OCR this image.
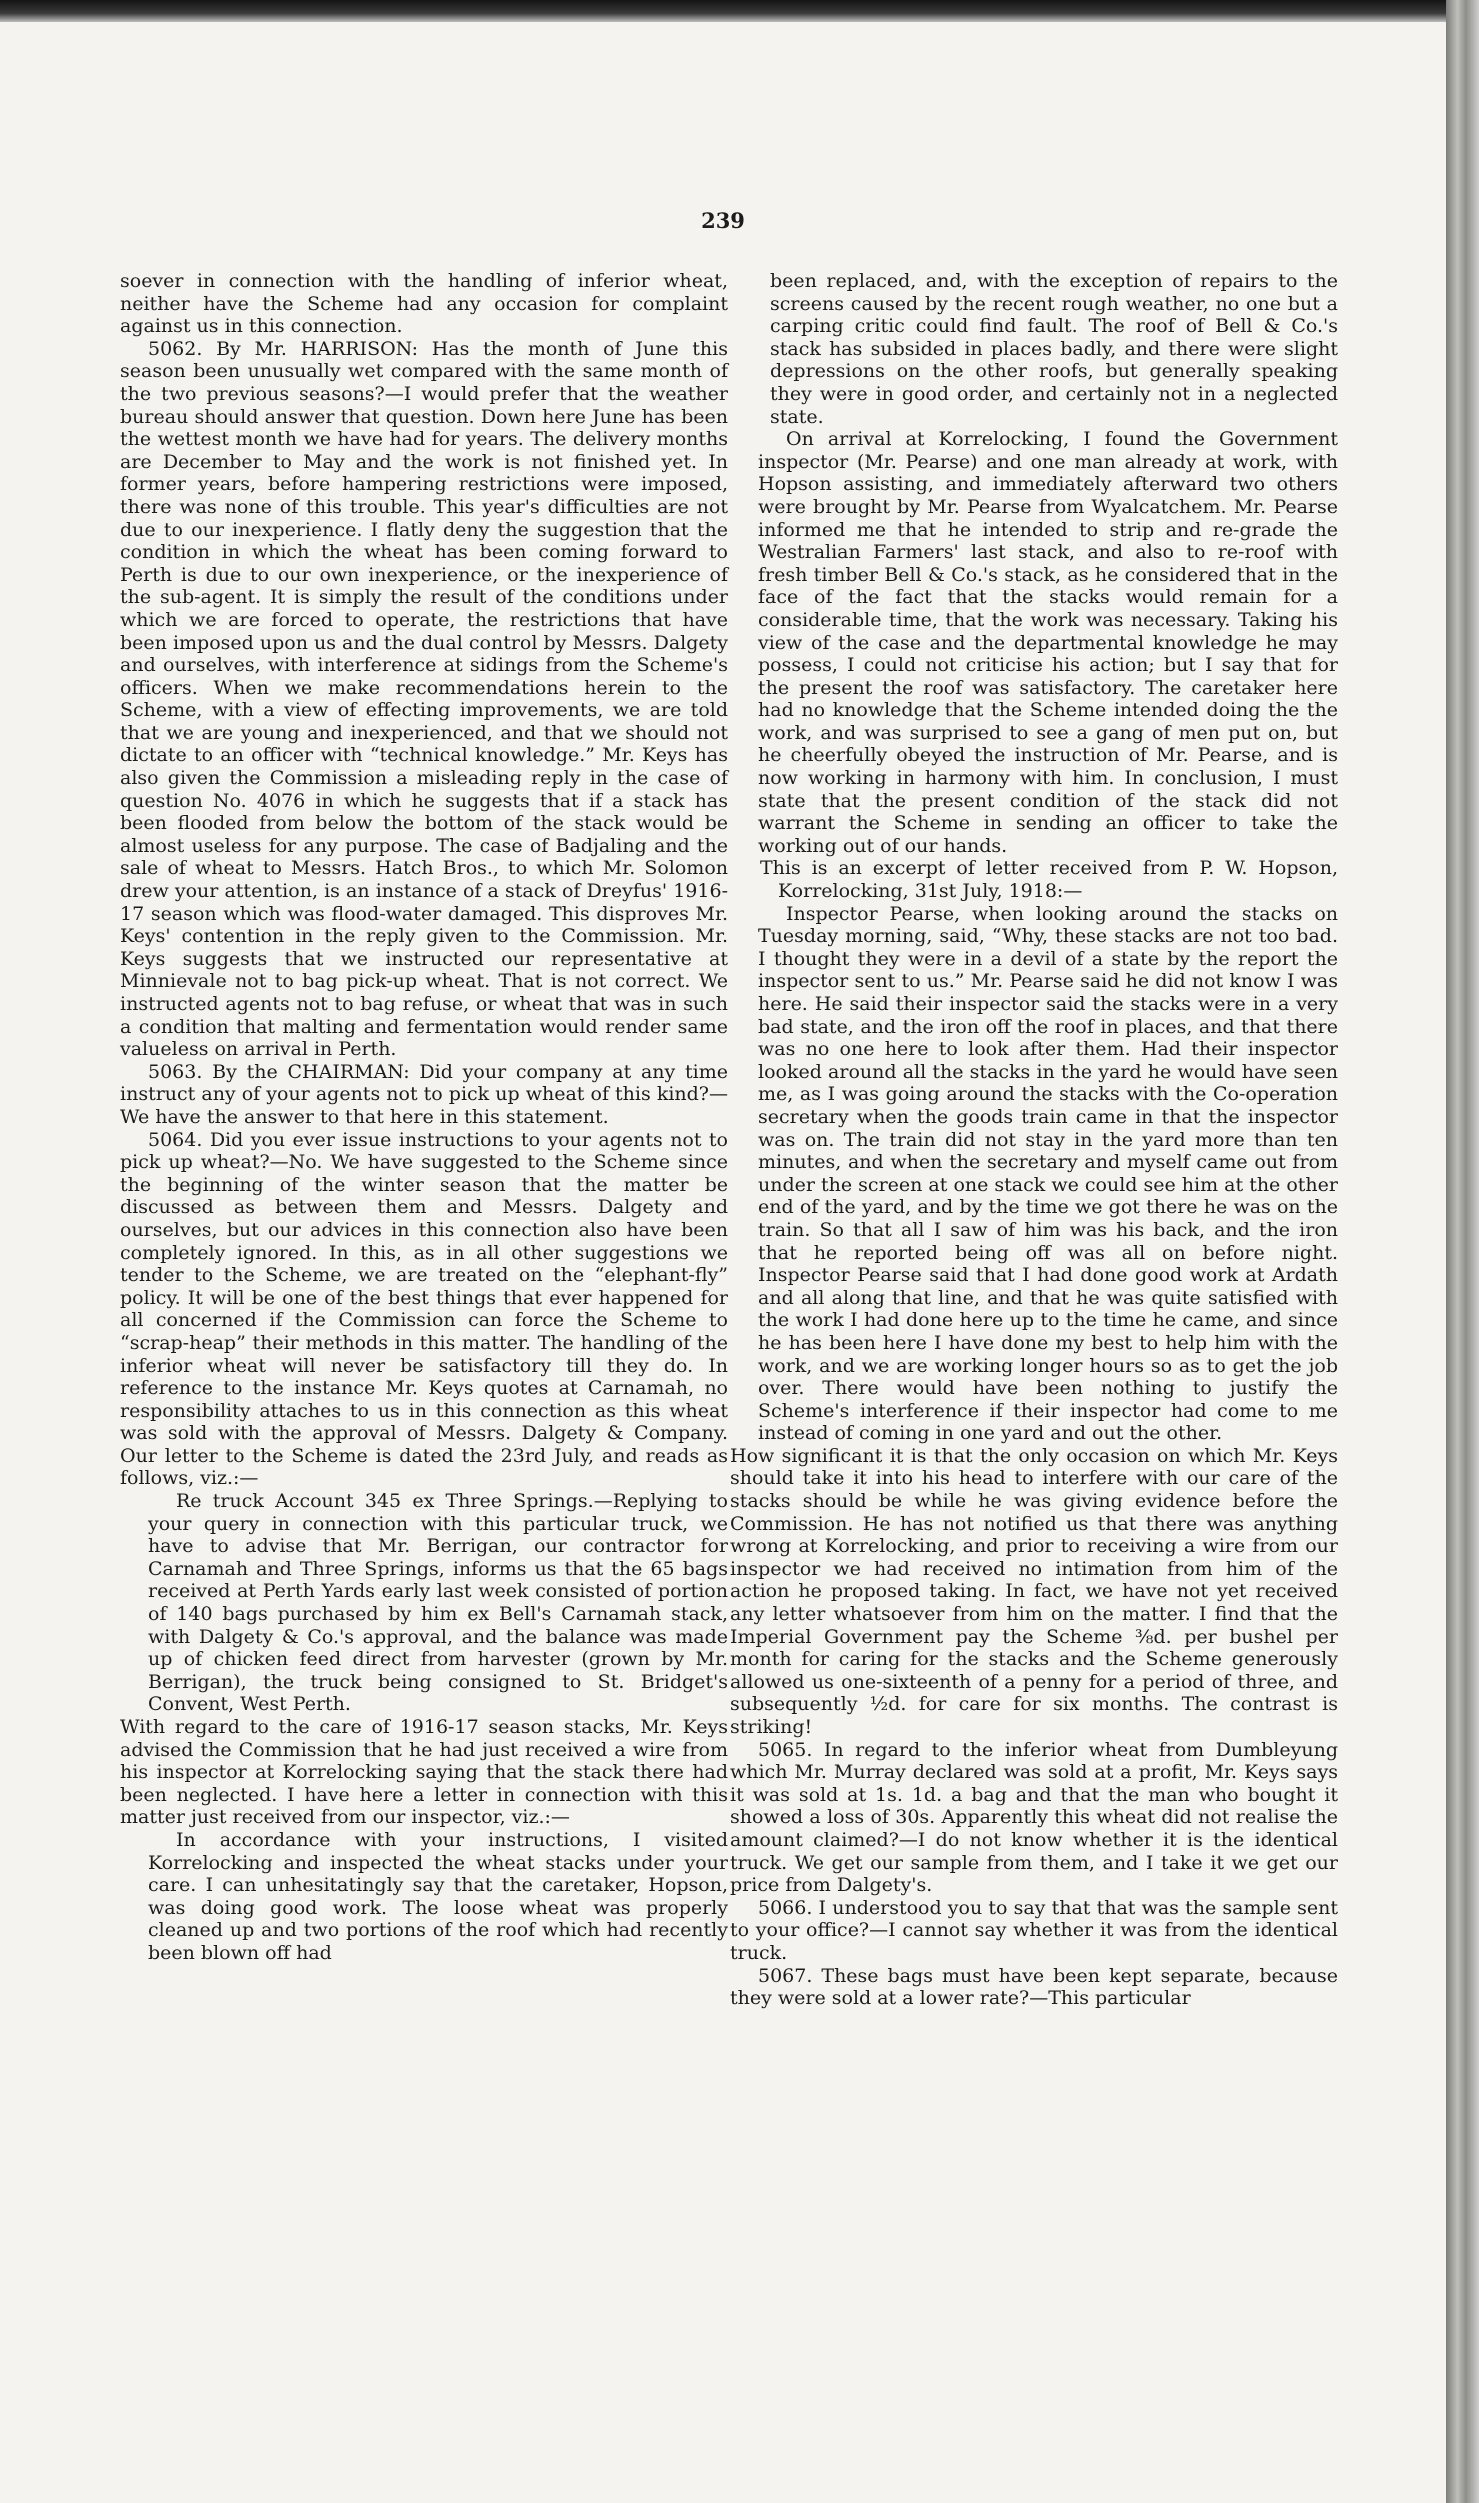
239

soever in connection with the handling of inferior wheat, neither have the Scheme had any occasion for complaint against us in this connection.

5062. By Mr. HARRISON: Has the month of June this season been unusually wet compared with the same month of the two previous seasons?—I would prefer that the weather bureau should answer that question. Down here June has been the wettest month we have had for years. The delivery months are December to May and the work is not finished yet. In former years, before hampering restrictions were imposed, there was none of this trouble. This year's difficulties are not due to our inexperience. I flatly deny the suggestion that the condition in which the wheat has been coming forward to Perth is due to our own inexperience, or the inexperience of the sub-agent. It is simply the result of the conditions under which we are forced to operate, the restrictions that have been imposed upon us and the dual control by Messrs. Dalgety and ourselves, with interference at sidings from the Scheme's officers. When we make recommendations herein to the Scheme, with a view of effecting improvements, we are told that we are young and inexperienced, and that we should not dictate to an officer with “technical knowledge.” Mr. Keys has also given the Commission a misleading reply in the case of question No. 4076 in which he suggests that if a stack has been flooded from below the bottom of the stack would be almost useless for any purpose. The case of Badjaling and the sale of wheat to Messrs. Hatch Bros., to which Mr. Solomon drew your attention, is an instance of a stack of Dreyfus' 1916-17 season which was flood-water damaged. This disproves Mr. Keys' contention in the reply given to the Commission. Mr. Keys suggests that we instructed our representative at Minnievale not to bag pick-up wheat. That is not correct. We instructed agents not to bag refuse, or wheat that was in such a condition that malting and fermentation would render same valueless on arrival in Perth.

5063. By the CHAIRMAN: Did your company at any time instruct any of your agents not to pick up wheat of this kind?—We have the answer to that here in this statement.

5064. Did you ever issue instructions to your agents not to pick up wheat?—No. We have suggested to the Scheme since the beginning of the winter season that the matter be discussed as between them and Messrs. Dalgety and ourselves, but our advices in this connection also have been completely ignored. In this, as in all other suggestions we tender to the Scheme, we are treated on the “elephant-fly” policy. It will be one of the best things that ever happened for all concerned if the Commission can force the Scheme to “scrap-heap” their methods in this matter. The handling of the inferior wheat will never be satisfactory till they do. In reference to the instance Mr. Keys quotes at Carnamah, no responsibility attaches to us in this connection as this wheat was sold with the approval of Messrs. Dalgety & Company. Our letter to the Scheme is dated the 23rd July, and reads as follows, viz.:—

Re truck Account 345 ex Three Springs.—Replying to your query in connection with this particular truck, we have to advise that Mr. Berrigan, our contractor for Carnamah and Three Springs, informs us that the 65 bags received at Perth Yards early last week consisted of portion of 140 bags purchased by him ex Bell's Carnamah stack, with Dalgety & Co.'s approval, and the balance was made up of chicken feed direct from harvester (grown by Mr. Berrigan), the truck being consigned to St. Bridget's Convent, West Perth.

With regard to the care of 1916-17 season stacks, Mr. Keys advised the Commission that he had just received a wire from his inspector at Korrelocking saying that the stack there had been neglected. I have here a letter in connection with this matter just received from our inspector, viz.:—

In accordance with your instructions, I visited Korrelocking and inspected the wheat stacks under your care. I can unhesitatingly say that the caretaker, Hopson, was doing good work. The loose wheat was properly cleaned up and two portions of the roof which had recently been blown off had

been replaced, and, with the exception of repairs to the screens caused by the recent rough weather, no one but a carping critic could find fault. The roof of Bell & Co.'s stack has subsided in places badly, and there were slight depressions on the other roofs, but generally speaking they were in good order, and certainly not in a neglected state.

On arrival at Korrelocking, I found the Government inspector (Mr. Pearse) and one man already at work, with Hopson assisting, and immediately afterward two others were brought by Mr. Pearse from Wyalcatchem. Mr. Pearse informed me that he intended to strip and re-grade the Westralian Farmers' last stack, and also to re-roof with fresh timber Bell & Co.'s stack, as he considered that in the face of the fact that the stacks would remain for a considerable time, that the work was necessary. Taking his view of the case and the departmental knowledge he may possess, I could not criticise his action; but I say that for the present the roof was satisfactory. The caretaker here had no knowledge that the Scheme intended doing the the work, and was surprised to see a gang of men put on, but he cheerfully obeyed the instruction of Mr. Pearse, and is now working in harmony with him. In conclusion, I must state that the present condition of the stack did not warrant the Scheme in sending an officer to take the working out of our hands.

This is an excerpt of letter received from P. W. Hopson, Korrelocking, 31st July, 1918:—

Inspector Pearse, when looking around the stacks on Tuesday morning, said, “Why, these stacks are not too bad. I thought they were in a devil of a state by the report the inspector sent to us.” Mr. Pearse said he did not know I was here. He said their inspector said the stacks were in a very bad state, and the iron off the roof in places, and that there was no one here to look after them. Had their inspector looked around all the stacks in the yard he would have seen me, as I was going around the stacks with the Co-operation secretary when the goods train came in that the inspector was on. The train did not stay in the yard more than ten minutes, and when the secretary and myself came out from under the screen at one stack we could see him at the other end of the yard, and by the time we got there he was on the train. So that all I saw of him was his back, and the iron that he reported being off was all on before night. Inspector Pearse said that I had done good work at Ardath and all along that line, and that he was quite satisfied with the work I had done here up to the time he came, and since he has been here I have done my best to help him with the work, and we are working longer hours so as to get the job over. There would have been nothing to justify the Scheme's interference if their inspector had come to me instead of coming in one yard and out the other.

How significant it is that the only occasion on which Mr. Keys should take it into his head to interfere with our care of the stacks should be while he was giving evidence before the Commission. He has not notified us that there was anything wrong at Korrelocking, and prior to receiving a wire from our inspector we had received no intimation from him of the action he proposed taking. In fact, we have not yet received any letter whatsoever from him on the matter. I find that the Imperial Government pay the Scheme ⅜d. per bushel per month for caring for the stacks and the Scheme generously allowed us one-sixteenth of a penny for a period of three, and subsequently ½d. for care for six months. The contrast is striking!

5065. In regard to the inferior wheat from Dumbleyung which Mr. Murray declared was sold at a profit, Mr. Keys says it was sold at 1s. 1d. a bag and that the man who bought it showed a loss of 30s. Apparently this wheat did not realise the amount claimed?—I do not know whether it is the identical truck. We get our sample from them, and I take it we get our price from Dalgety's.

5066. I understood you to say that that was the sample sent to your office?—I cannot say whether it was from the identical truck.

5067. These bags must have been kept separate, because they were sold at a lower rate?—This particular
